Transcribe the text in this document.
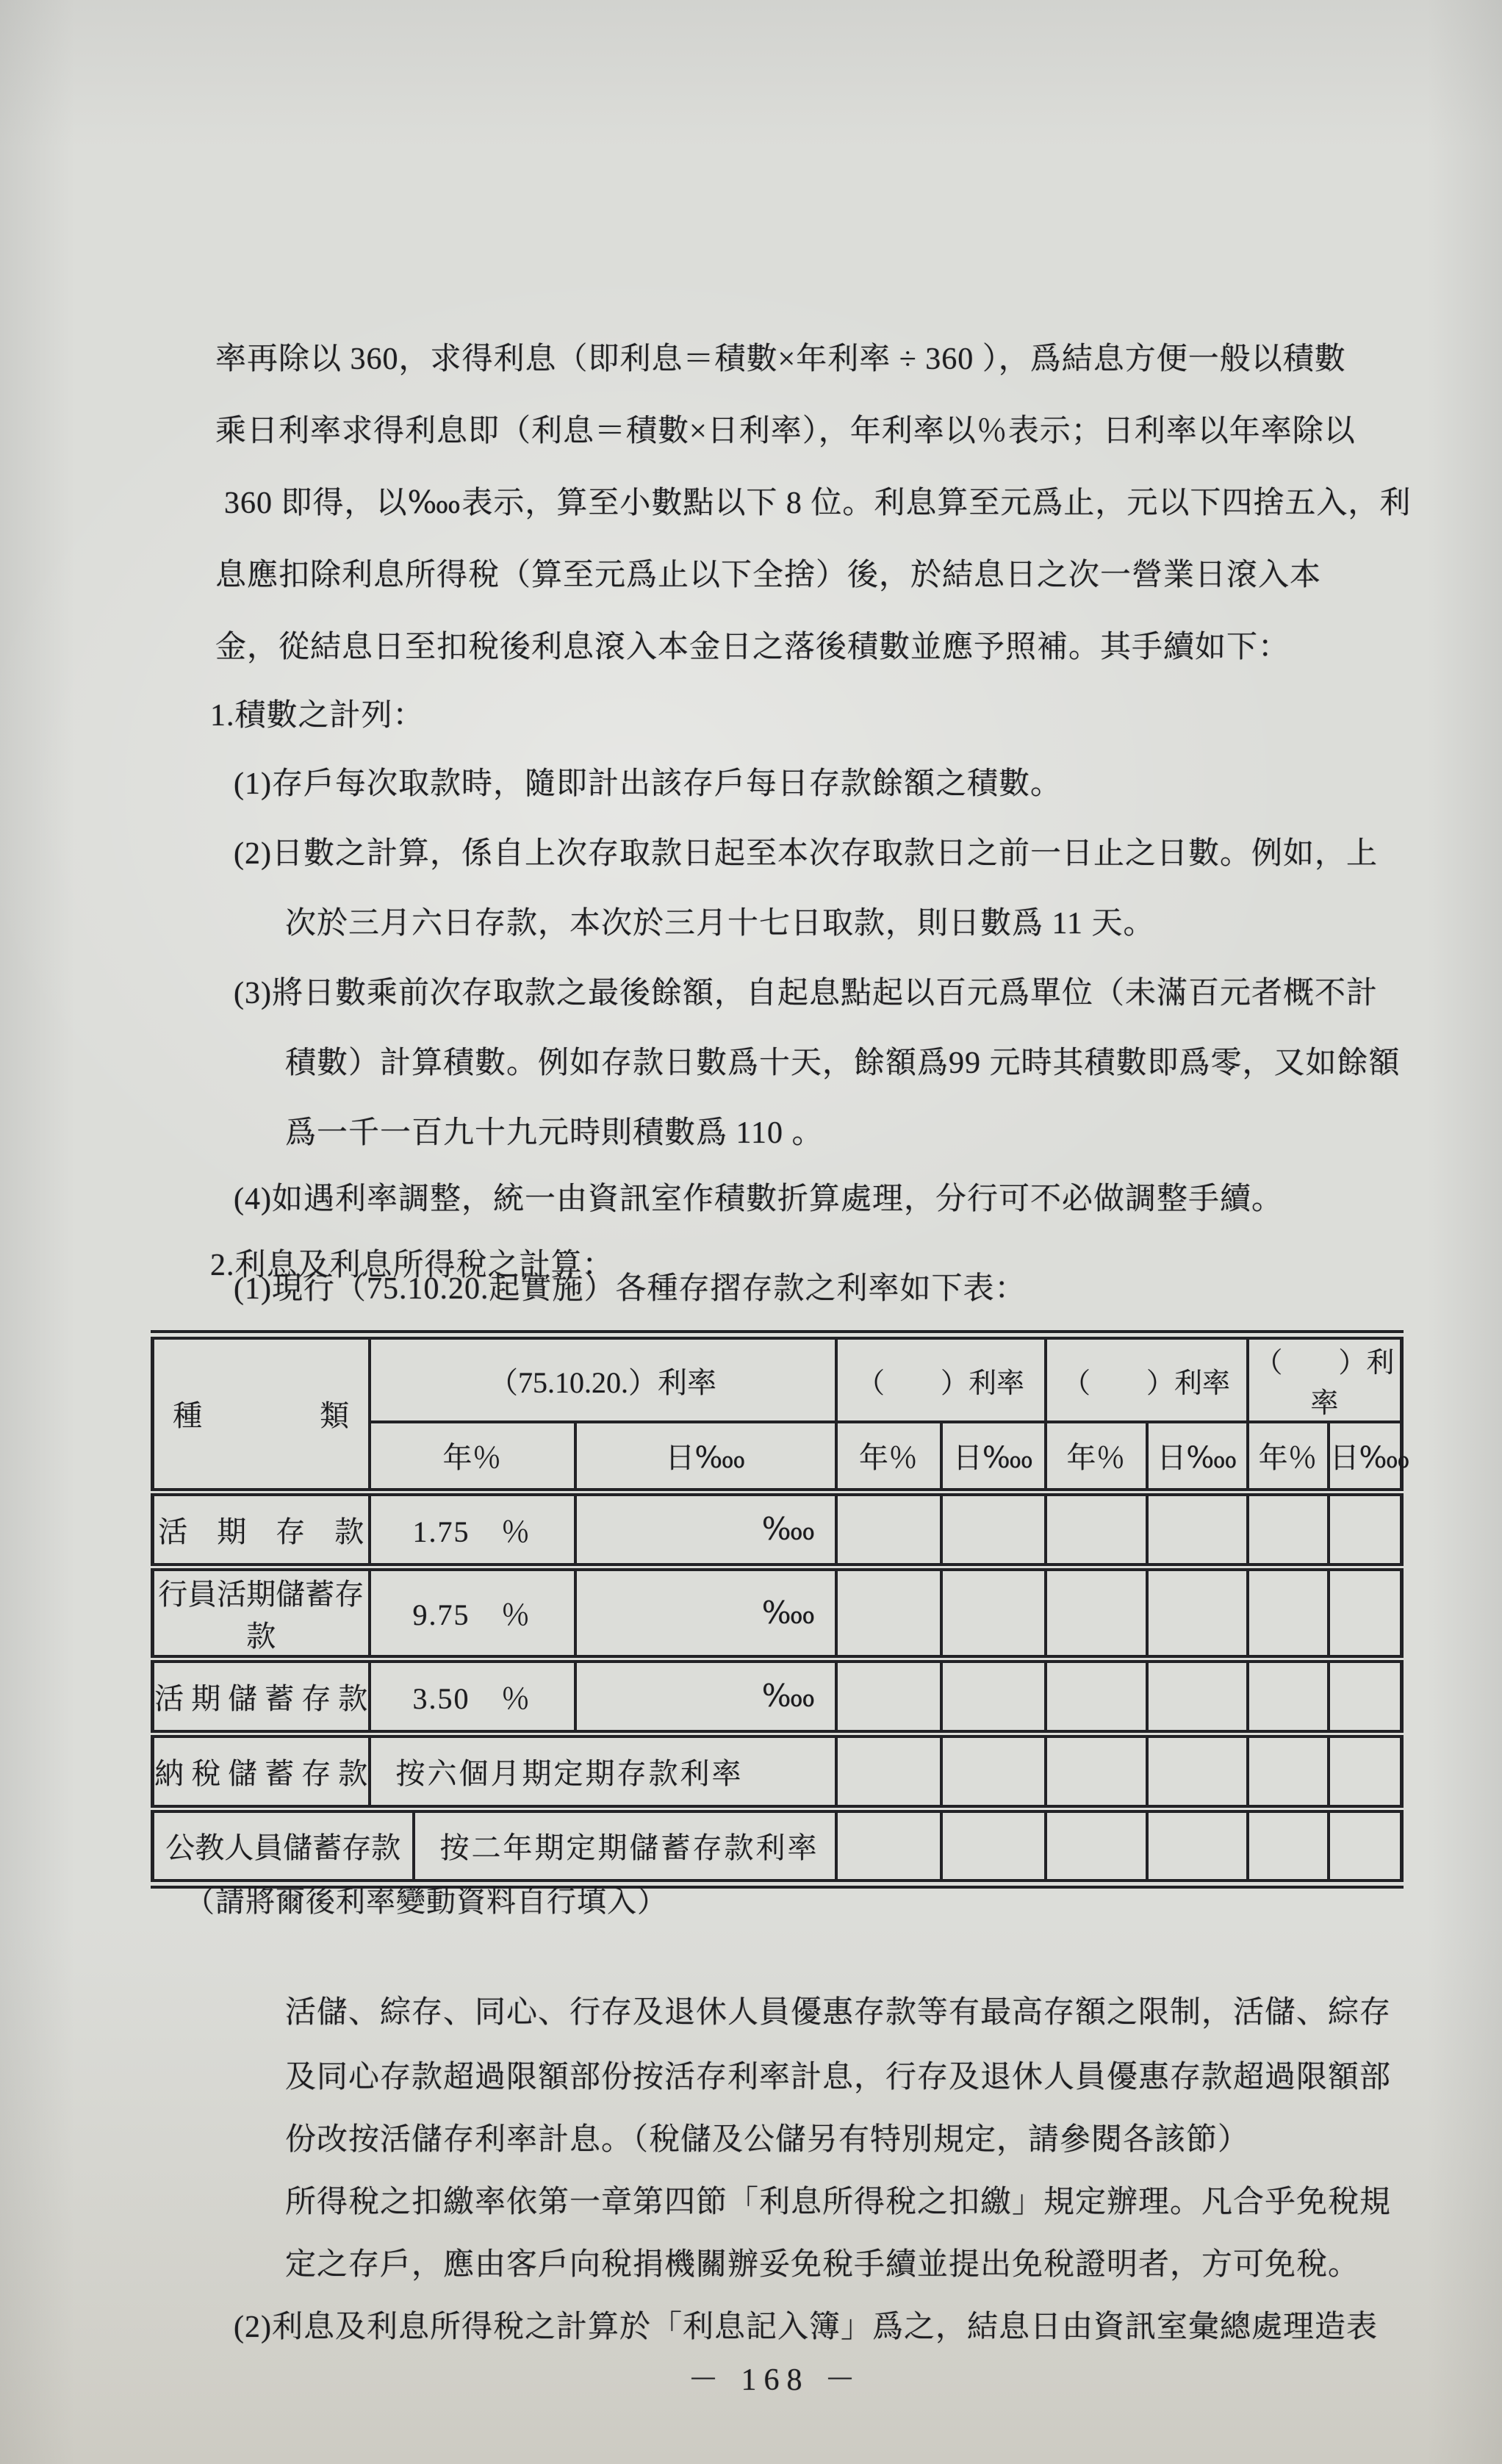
率再除以 360，求得利息（即利息＝積數×年利率 ÷ 360 ），爲結息方便一般以積數
乘日利率求得利息即（利息＝積數×日利率），年利率以％表示；日利率以年率除以
360 即得，以‱表示，算至小數點以下 8 位。利息算至元爲止，元以下四捨五入，利
息應扣除利息所得稅（算至元爲止以下全捨）後，於結息日之次一營業日滾入本
金，從結息日至扣稅後利息滾入本金日之落後積數並應予照補。其手續如下：
1.積數之計列：
(1)存戶每次取款時，隨即計出該存戶每日存款餘額之積數。
(2)日數之計算，係自上次存取款日起至本次存取款日之前一日止之日數。例如，上
次於三月六日存款，本次於三月十七日取款，則日數爲 11 天。
(3)將日數乘前次存取款之最後餘額，自起息點起以百元爲單位（未滿百元者概不計
積數）計算積數。例如存款日數爲十天，餘額爲99 元時其積數即爲零，又如餘額
爲一千一百九十九元時則積數爲 110 。
(4)如遇利率調整，統一由資訊室作積數折算處理，分行可不必做調整手續。
2.利息及利息所得稅之計算：
(1)現行（75.10.20.起實施）各種存摺存款之利率如下表：
種　　　　類	（75.10.20.）利率			（　　）利率		（　　）利率		（　　）利率	
	年％		日‱	年％	日‱	年％	日‱	年％	日‱
活　期　存　款	1.75　％		‱						
行員活期儲蓄存款	9.75　％		‱						
活 期 儲 蓄 存 款	3.50　％		‱						
納 稅 儲 蓄 存 款	按六個月期定期存款利率								
公教人員儲蓄存款		按二年期定期儲蓄存款利率							
（請將爾後利率變動資料自行填入）
活儲、綜存、同心、行存及退休人員優惠存款等有最高存額之限制，活儲、綜存
及同心存款超過限額部份按活存利率計息，行存及退休人員優惠存款超過限額部
份改按活儲存利率計息。（稅儲及公儲另有特別規定，請參閱各該節）
所得稅之扣繳率依第一章第四節「利息所得稅之扣繳」規定辦理。凡合乎免稅規
定之存戶，應由客戶向稅捐機關辦妥免稅手續並提出免稅證明者，方可免稅。
(2)利息及利息所得稅之計算於「利息記入簿」爲之，結息日由資訊室彙總處理造表
－ 168 －
